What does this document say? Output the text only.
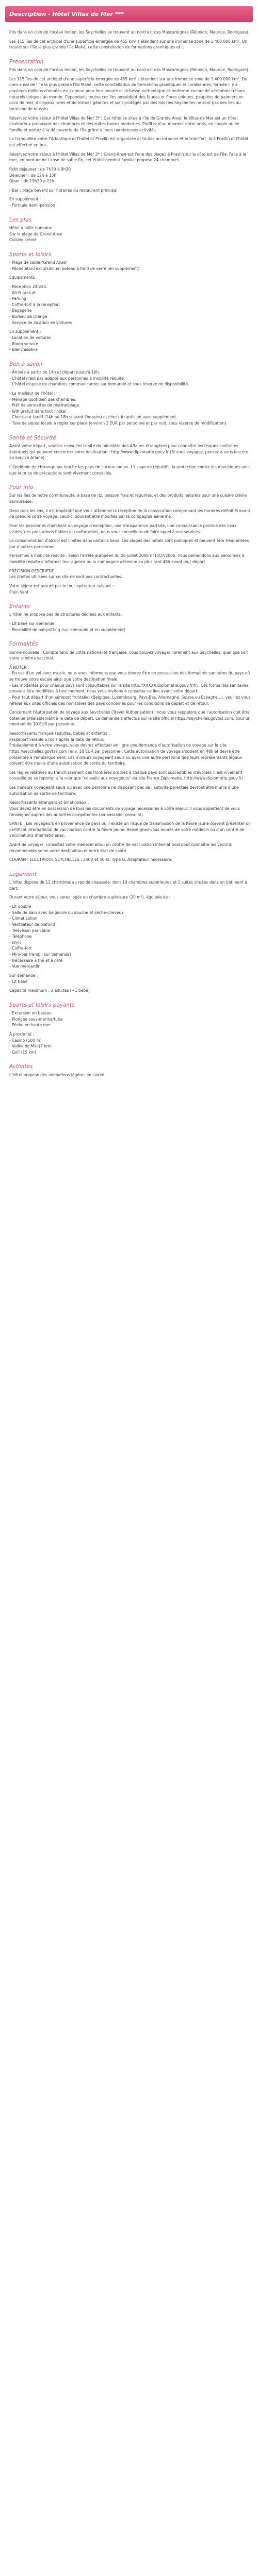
Description - Hôtel Villas de Mer ***

Pris dans un coin de l'océan Indien, les Seychelles se trouvent au nord est des Mascareignes (Réunion, Maurice, Rodrigues).

Les 115 îles de cet archipel d'une superficie émergée de 455 km² s'étendent sur une immense zone de 1 400 000 km². On trouve sur l'île la plus grande l'île Mahé, cette constellation de formations granitiques et…

Présentation

Pris dans un coin de l'océan Indien, les Seychelles se trouvent au nord est des Mascareignes (Réunion, Maurice, Rodrigues).

Les 115 îles de cet archipel d'une superficie émergée de 455 km² s'étendent sur une immense zone de 1 400 000 km². Du nom aussi de l'île la plus grande l'île Mahé, cette constellation de formations granitiques et coralliennes, formée il y a plusieurs millions d'années est connue pour leur beauté et richesse authentique et renferme encore de véritables trésors naturels uniques au monde. Cependant, toutes ces îles possèdent des faunes et flores uniques, peuplées de palmiers en coco de mer, d'oiseaux rares et de tortues géantes et sont protégés par des lois (les Seychelles ne sont pas des îles au tourisme de masse).

Réservez votre séjour à l'hôtel Villas de Mer 3* ! Cet hôtel se situe à l'île de Grande Anse, le Villas de Mer est un hôtel chaleureux proposant des chambres et des suites toutes modernes. Profitez d'un moment entre amis, en couple ou en famille et partez à la découverte de l'île grâce à leurs nombreuses activités.

La tranquillité entre l'Atlantique et l'hôtel et Pravlin est organisée et toutes au roi selon et le transfert, là à Praslin et l'hôtel est effectué en bus.

Réservez votre séjour à l'hôtel Villas de Mer 3* ! Grand-Anse est l'une des plages à Praslin sur la côte est de l'île. Face à la mer, en bordure de l'anse de sable fin, cet établissement familial propose 24 chambres.

Petit déjeuner : de 7h30 à 9h30
Déjeuner : de 12h à 15h
Dîner : de 19h30 à 22h

- Bar : plage bavard sur horaires du restaurant principal

En supplément :
- Formule demi-pension

Les plus

Hôtel à taille humaine
Sur la plage de Grand Anse
Cuisine créole

Sports et loisirs

- Plage de sable "Grand Anse"
- Pêche et/ou excursion en bateau à fond de verre (en supplément)

Équipements

- Réception 24h/24
- Wi-Fi gratuit
- Parking
- Coffre-fort à la réception
- Bagagerie
- Bureau de change
- Service de location de voitures

En supplément :
- Location de voitures
- Room service
- Blanchisserie

Bon à savoir

- Arrivée à partir de 14h et départ jusqu'à 10h.
- L'hôtel n'est pas adapté aux personnes à mobilité réduite.
- L'hôtel dispose de chambres communicantes sur demande et sous réserve de disponibilité.

- Le meilleur de l'hôtel :
- Ménage quotidien des chambres.
- Prêt de serviettes de piscine/plage.
- Wifi gratuit dans tout l'hôtel
- Check-out tardif (14h ou 18h suivant l'horaire) et check-in anticipé avec supplément.
- Taxe de séjour locale à régler sur place (environ 2 EUR par personne et par nuit, sous réserve de modification).

Santé et Sécurité

Avant votre départ, veuillez consulter le site du ministère des Affaires étrangères pour connaître les risques sanitaires éventuels qui peuvent concerner votre destination : http://www.diplomatie.gouv.fr (Si vous voyagez, pensez à vous inscrire au service Ariane).

L'épidémie de chikungunya touche les pays de l'océan Indien. L'usage de répulsifs, la protection contre les moustiques ainsi que la prise de précautions sont vivement conseillés.

Pour info

Sur les îles de notre communauté, à base de riz, poisson frais et légumes, et des produits naturels pour une cuisine créole savoureuse.

Dans tous les cas, il est impératif que vous attendiez la réception de la convocation comprenant les horaires définitifs avant de prendre votre voyage, ceux-ci pouvant être modifiés par la compagnie aérienne.

Pour les personnes cherchant un voyage d'exception, une transparence parfaite, une connaissance pointue des lieux visités, des prestations fiables et confortables, nous vous conseillons de faire appel à nos services.

La consommation d'alcool est limitée dans certains lieux. Les plages des hôtels sont publiques et peuvent être fréquentées par d'autres personnes.

Personnes à mobilité réduite : selon l'arrêté européen du 26 juillet 2006 n°1107/2006, nous demandons aux personnes à mobilité réduite d'informer leur agence ou la compagnie aérienne au plus tard 48h avant leur départ.

PRÉCISION DESCRIPTIF
Les photos utilisées sur ce site ne sont pas contractuelles.

Votre séjour est assuré par le tour opérateur suivant :
Plein Vent

Enfants

L'hôtel ne propose pas de structures dédiées aux enfants.

- Lit bébé sur demande
- Possibilité de babysitting (sur demande et en supplément)

Formalités

Bonne nouvelle : Compte tenu de votre nationalité française, vous pouvez voyager librement aux Seychelles, quel que soit votre schéma vaccinal.

À NOTER :
- En cas d'un vol avec escale, nous vous informons que vous devrez être en possession des formalités sanitaires du pays où se trouve votre escale ainsi que votre destination finale.
- Les modalités pour chaque pays sont consultables sur le site http://XXXXX.diplomatie.gouv.fr/fr/. Ces formalités sanitaires pouvant être modifiées à tout moment, nous vous invitons à consulter ce lien avant votre départ.
- Pour tout départ d'un aéroport frontalier (Belgique, Luxembourg, Pays-Bas, Allemagne, Suisse ou Espagne...), veuillez vous référer aux sites officiels des ministères des pays concernés pour les conditions de départ et de retour.

Concernant l'Autorisation de Voyage aux Seychelles (Travel Authorisation) : nous vous rappelons que l'autorisation doit être obtenue préalablement à la date de départ. La demande s'effectue sur le site officiel https://seychelles.govtas.com, pour un montant de 10 EUR par personne.

Ressortissants français (adultes, bébés et enfants) :
Passeport valable 6 mois après la date de retour.
Préalablement à votre voyage, vous devrez effectuer en ligne une demande d'autorisation de voyage sur le site https://seychelles.govtas.com (env. 10 EUR par personne). Cette autorisation de voyage s'obtient en 48h et devra être présentée à l'embarquement. Les mineurs voyageant seuls ou avec une autre personne que leurs représentants légaux doivent être munis d'une autorisation de sortie du territoire.

Les règles relatives au franchissement des frontières propres à chaque pays sont susceptibles d'évoluer. Il est vivement conseillé de se reporter à la rubrique "conseils aux voyageurs" du site France Diplomatie, http://www.diplomatie.gouv.fr/

Les mineurs voyageant seuls ou avec une personne ne disposant pas de l'autorité parentale devront être munis d'une autorisation de sortie de territoire.

Ressortissants étrangers et binationaux :
Vous devez être en possession de tous les documents de voyage nécessaires à votre séjour. Il vous appartient de vous renseigner auprès des autorités compétentes (ambassade, consulat).

SANTÉ : Les voyageurs en provenance de pays où il existe un risque de transmission de la fièvre jaune doivent présenter un certificat international de vaccination contre la fièvre jaune. Renseignez-vous auprès de votre médecin ou d'un centre de vaccinations internationales.

Avant de voyager, consultez votre médecin et/ou un centre de vaccination international pour connaître les vaccins recommandés selon votre destination et votre état de santé.

COURANT ÉLECTRIQUE SEYCHELLES : 240V et 50Hz. Type G. Adaptateur nécessaire.

Logement

L'hôtel dispose de 12 chambres au rez-de-chaussée, dont 10 chambres supérieures et 2 suites situées dans un bâtiment à part.

Durant votre séjour, vous serez logés en chambre supérieure (20 m²), équipée de :

- Lit double
- Salle de bain avec baignoire ou douche et sèche-cheveux
- Climatisation
- Ventilateur de plafond
- Télévision par câble
- Téléphone
- Wi-Fi
- Coffre-fort
- Mini-bar (rempli sur demande)
- Nécessaire à thé et à café
- Vue mer/jardin

Sur demande :
- Lit bébé

Capacité maximum : 3 adultes (+1 bébé)

Sports et loisirs payants

- Excursion en bateau
- Plongée sous-marine/tuba
- Pêche en haute mer

À proximité :
- Casino (500 m)
- Vallée de Mai (7 km)
- Golf (15 km)

Activités

L'hôtel propose des animations légères en soirée.
